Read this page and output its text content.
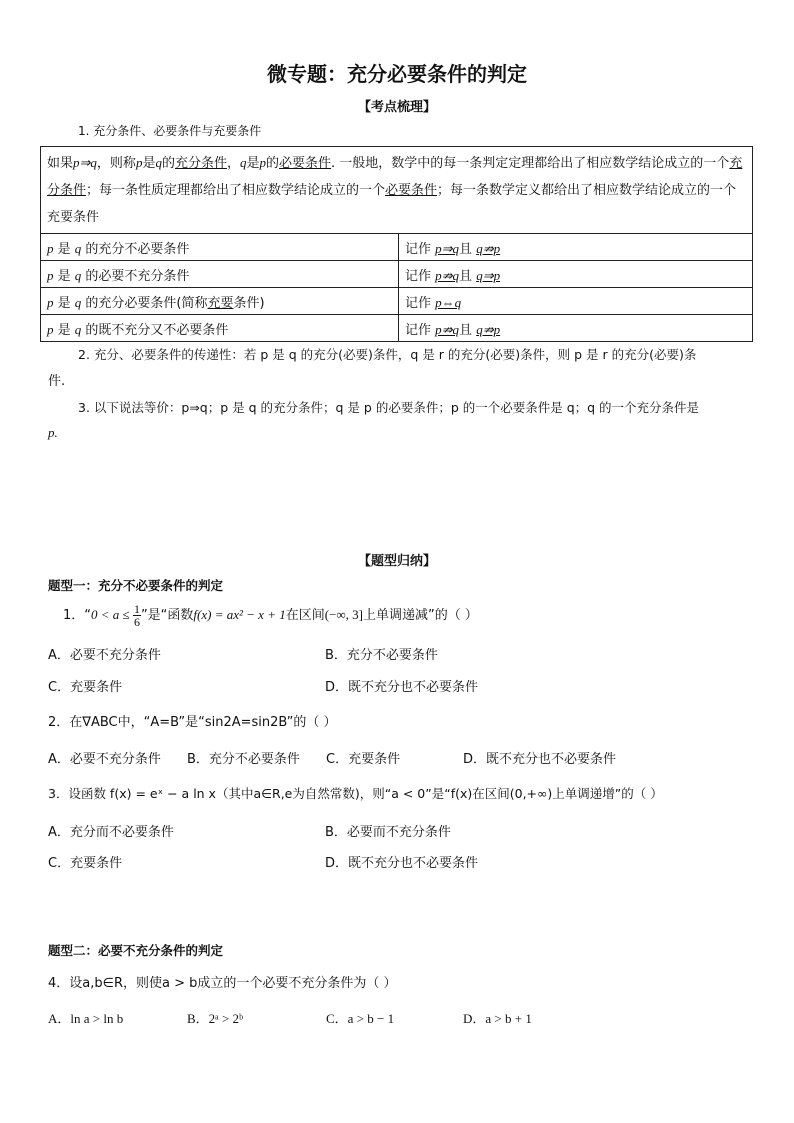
微专题：充分必要条件的判定
【考点梳理】
1. 充分条件、必要条件与充要条件
如果p⇒q，则称p是q的充分条件，q是p的必要条件. 一般地，数学中的每一条判定定理都给出了相应数学结论成立的一个充分条件；每一条性质定理都给出了相应数学结论成立的一个必要条件；每一条数学定义都给出了相应数学结论成立的一个充要条件	
p 是 q 的充分不必要条件	记作 p⇒q且 q⇏p
p 是 q 的必要不充分条件	记作 p⇏q且 q⇒p
p 是 q 的充分必要条件(简称充要条件)	记作 p⇔q
p 是 q 的既不充分又不必要条件	记作 p⇏q且 q⇏p
2. 充分、必要条件的传递性：若 p 是 q 的充分(必要)条件，q 是 r 的充分(必要)条件，则 p 是 r 的充分(必要)条
件.
3. 以下说法等价：p⇒q；p 是 q 的充分条件；q 是 p 的必要条件；p 的一个必要条件是 q；q 的一个充分条件是
p.
【题型归纳】
题型一：充分不必要条件的判定
1．“$0 < a \le \frac{1}{6}$ ”是“函数f(x) = ax² − x + 1在区间(−∞, 3]上单调递减”的（ ）
A．必要不充分条件	B．充分不必要条件
C．充要条件	D．既不充分也不必要条件
2．在∇ABC中，“A=B”是“sin2A=sin2B”的（ ）
A．必要不充分条件 B．充分不必要条件 C．充要条件	D．既不充分也不必要条件
3．设函数 f(x) = eˣ − a ln x（其中a∈R,e为自然常数)，则“a < 0”是“f(x)在区间(0,+∞)上单调递增”的（ ）
A．充分而不必要条件	B．必要而不充分条件
C．充要条件	D．既不充分也不必要条件
题型二：必要不充分条件的判定
4．设a,b∈R，则使a > b成立的一个必要不充分条件为（ ）
A．ln a > ln b	B．2ᵃ > 2ᵇ	C．a > b − 1	D．a > b + 1
